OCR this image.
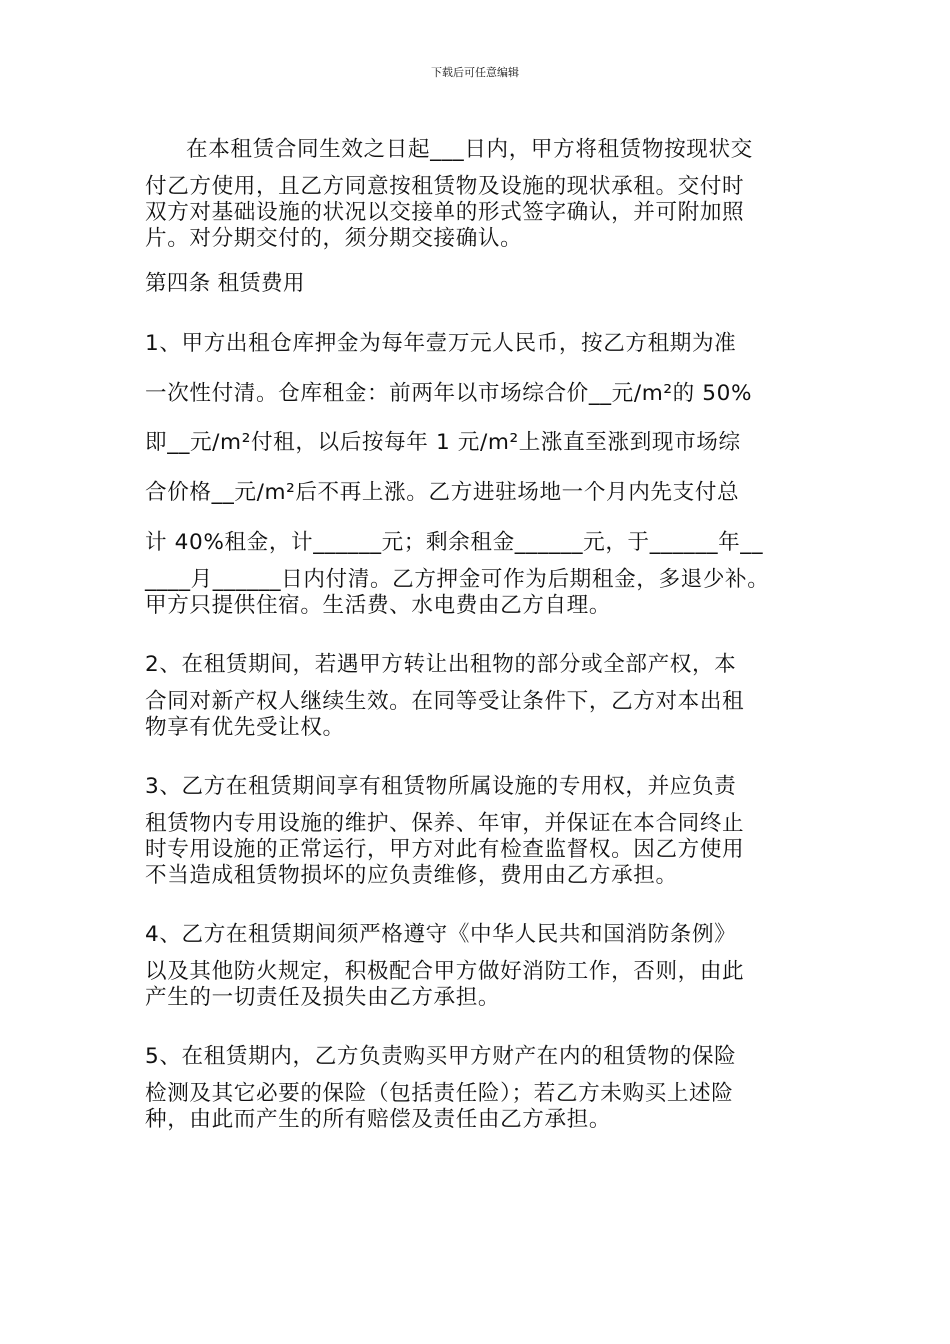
下载后可任意编辑
在本租赁合同生效之日起___日内，甲方将租赁物按现状交
付乙方使用，且乙方同意按租赁物及设施的现状承租。交付时
双方对基础设施的状况以交接单的形式签字确认，并可附加照
片。对分期交付的，须分期交接确认。
第四条 租赁费用
1、甲方出租仓库押金为每年壹万元人民币，按乙方租期为准
一次性付清。仓库租金：前两年以市场综合价__元/m²的 50%
即__元/m²付租，以后按每年 1 元/m²上涨直至涨到现市场综
合价格__元/m²后不再上涨。乙方进驻场地一个月内先支付总
计 40%租金，计______元；剩余租金______元，于______年__
____月______日内付清。乙方押金可作为后期租金，多退少补。
甲方只提供住宿。生活费、水电费由乙方自理。
2、在租赁期间，若遇甲方转让出租物的部分或全部产权，本
合同对新产权人继续生效。在同等受让条件下，乙方对本出租
物享有优先受让权。
3、乙方在租赁期间享有租赁物所属设施的专用权，并应负责
租赁物内专用设施的维护、保养、年审，并保证在本合同终止
时专用设施的正常运行，甲方对此有检查监督权。因乙方使用
不当造成租赁物损坏的应负责维修，费用由乙方承担。
4、乙方在租赁期间须严格遵守《中华人民共和国消防条例》
以及其他防火规定，积极配合甲方做好消防工作，否则，由此
产生的一切责任及损失由乙方承担。
5、在租赁期内，乙方负责购买甲方财产在内的租赁物的保险
检测及其它必要的保险（包括责任险）；若乙方未购买上述险
种，由此而产生的所有赔偿及责任由乙方承担。
